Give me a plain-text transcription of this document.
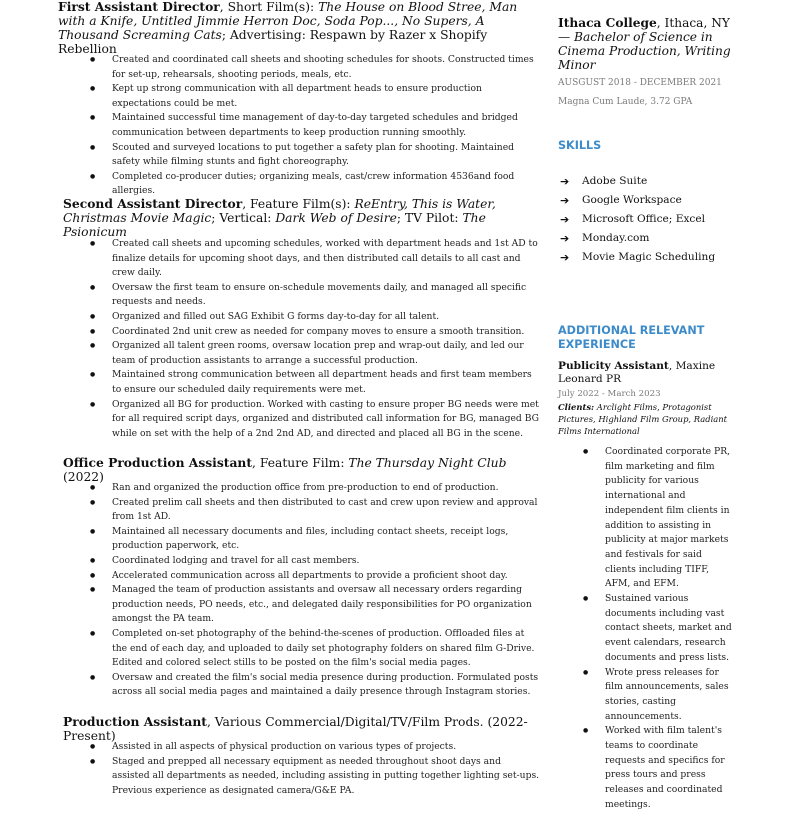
First Assistant Director, Short Film(s): The House on Blood Stree, Man with a Knife, Untitled Jimmie Herron Doc, Soda Pop..., No Supers, A Thousand Screaming Cats; Advertising: Respawn by Razer x Shopify Rebellion
● Created and coordinated call sheets and shooting schedules for shoots. Constructed times for set-up, rehearsals, shooting periods, meals, etc.
● Kept up strong communication with all department heads to ensure production expectations could be met.
● Maintained successful time management of day-to-day targeted schedules and bridged communication between departments to keep production running smoothly.
● Scouted and surveyed locations to put together a safety plan for shooting. Maintained safety while filming stunts and fight choreography.
● Completed co-producer duties; organizing meals, cast/crew information 4536and food allergies.
Second Assistant Director, Feature Film(s): ReEntry, This is Water, Christmas Movie Magic; Vertical: Dark Web of Desire; TV Pilot: The Psionicum
● Created call sheets and upcoming schedules, worked with department heads and 1st AD to finalize details for upcoming shoot days, and then distributed call details to all cast and crew daily.
● Oversaw the first team to ensure on-schedule movements daily, and managed all specific requests and needs.
● Organized and filled out SAG Exhibit G forms day-to-day for all talent.
● Coordinated 2nd unit crew as needed for company moves to ensure a smooth transition.
● Organized all talent green rooms, oversaw location prep and wrap-out daily, and led our team of production assistants to arrange a successful production.
● Maintained strong communication between all department heads and first team members to ensure our scheduled daily requirements were met.
● Organized all BG for production. Worked with casting to ensure proper BG needs were met for all required script days, organized and distributed call information for BG, managed BG while on set with the help of a 2nd 2nd AD, and directed and placed all BG in the scene.
Office Production Assistant, Feature Film: The Thursday Night Club (2022)
● Ran and organized the production office from pre-production to end of production.
● Created prelim call sheets and then distributed to cast and crew upon review and approval from 1st AD.
● Maintained all necessary documents and files, including contact sheets, receipt logs, production paperwork, etc.
● Coordinated lodging and travel for all cast members.
● Accelerated communication across all departments to provide a proficient shoot day.
● Managed the team of production assistants and oversaw all necessary orders regarding production needs, PO needs, etc., and delegated daily responsibilities for PO organization amongst the PA team.
● Completed on-set photography of the behind-the-scenes of production. Offloaded files at the end of each day, and uploaded to daily set photography folders on shared film G-Drive. Edited and colored select stills to be posted on the film's social media pages.
● Oversaw and created the film's social media presence during production. Formulated posts across all social media pages and maintained a daily presence through Instagram stories.
Production Assistant, Various Commercial/Digital/TV/Film Prods. (2022- Present)
● Assisted in all aspects of physical production on various types of projects.
● Staged and prepped all necessary equipment as needed throughout shoot days and assisted all departments as needed, including assisting in putting together lighting set-ups. Previous experience as designated camera/G&E PA.
Ithaca College, Ithaca, NY
— Bachelor of Science in Cinema Production, Writing Minor
AUSGUST 2018 - DECEMBER 2021
Magna Cum Laude, 3.72 GPA
SKILLS
➔ Adobe Suite
➔ Google Workspace
➔ Microsoft Office; Excel
➔ Monday.com
➔ Movie Magic Scheduling
ADDITIONAL RELEVANT EXPERIENCE
Publicity Assistant, Maxine Leonard PR
July 2022 - March 2023
Clients: Arclight Films, Protagonist Pictures, Highland Film Group, Radiant Films International
● Coordinated corporate PR, film marketing and film publicity for various international and independent film clients in addition to assisting in publicity at major markets and festivals for said clients including TIFF, AFM, and EFM.
● Sustained various documents including vast contact sheets, market and event calendars, research documents and press lists.
● Wrote press releases for film announcements, sales stories, casting announcements.
● Worked with film talent's teams to coordinate requests and specifics for press tours and press releases and coordinated meetings.
